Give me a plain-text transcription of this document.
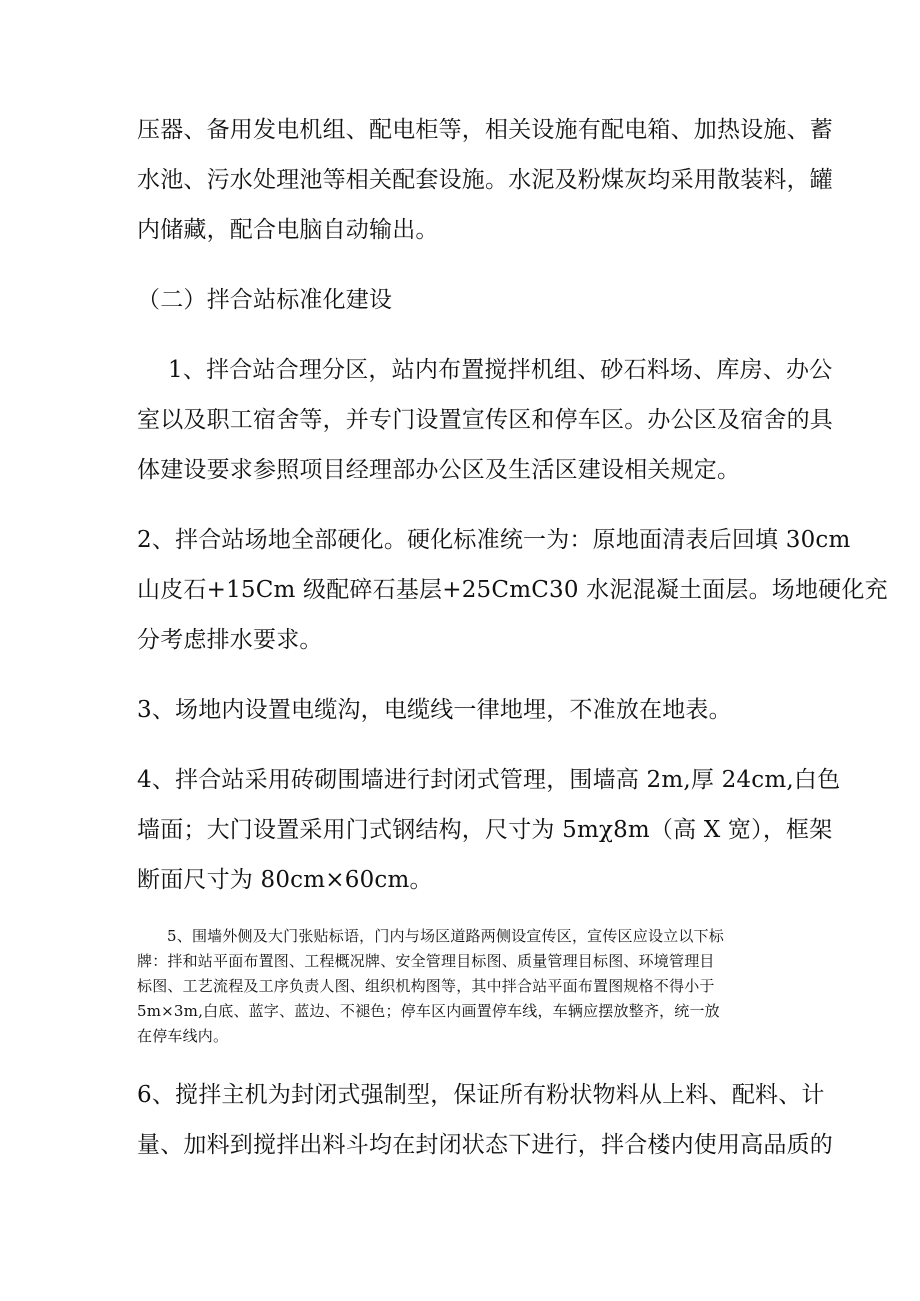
压器、备用发电机组、配电柜等，相关设施有配电箱、加热设施、蓄
水池、污水处理池等相关配套设施。水泥及粉煤灰均采用散装料，罐
内储藏，配合电脑自动输出。
（二）拌合站标准化建设
1、拌合站合理分区，站内布置搅拌机组、砂石料场、库房、办公
室以及职工宿舍等，并专门设置宣传区和停车区。办公区及宿舍的具
体建设要求参照项目经理部办公区及生活区建设相关规定。
2、拌合站场地全部硬化。硬化标准统一为：原地面清表后回填 30cm
山皮石+15Cm 级配碎石基层+25CmC30 水泥混凝土面层。场地硬化充
分考虑排水要求。
3、场地内设置电缆沟，电缆线一律地埋，不准放在地表。
4、拌合站采用砖砌围墙进行封闭式管理，围墙高 2m,厚 24cm,白色
墙面；大门设置采用门式钢结构，尺寸为 5mχ8m（高 X 宽），框架
断面尺寸为 80cm×60cm。
5、围墙外侧及大门张贴标语，门内与场区道路两侧设宣传区，宣传区应设立以下标
牌：拌和站平面布置图、工程概况牌、安全管理目标图、质量管理目标图、环境管理目
标图、工艺流程及工序负责人图、组织机构图等，其中拌合站平面布置图规格不得小于
5m×3m,白底、蓝字、蓝边、不褪色；停车区内画置停车线，车辆应摆放整齐，统一放
在停车线内。
6、搅拌主机为封闭式强制型，保证所有粉状物料从上料、配料、计
量、加料到搅拌出料斗均在封闭状态下进行，拌合楼内使用高品质的
